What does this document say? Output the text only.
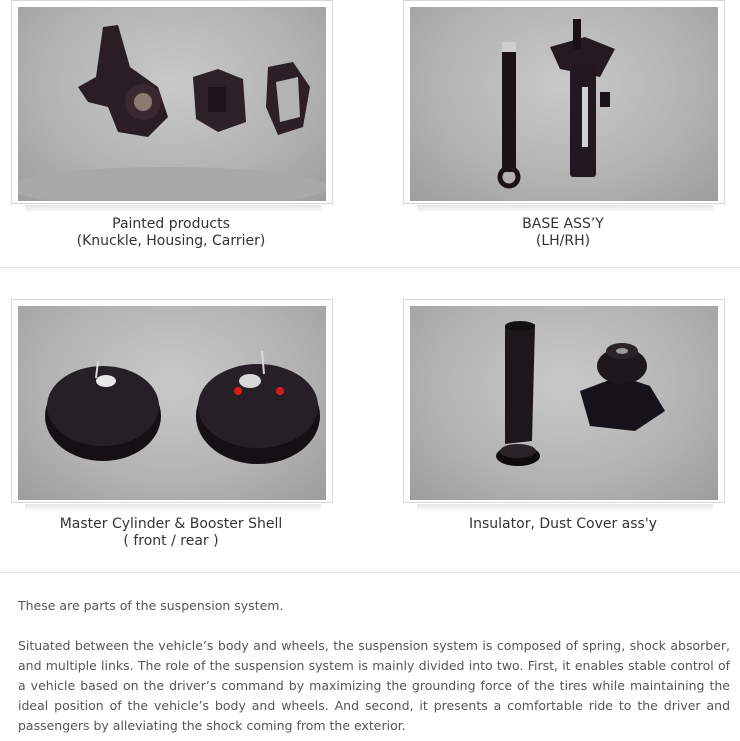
Painted products
(Knuckle, Housing, Carrier)
BASE ASS’Y
(LH/RH)
Master Cylinder & Booster Shell
( front / rear )
Insulator, Dust Cover ass'y

These are parts of the suspension system.

Situated between the vehicle’s body and wheels, the suspension system is composed of spring, shock absorber, and multiple links. The role of the suspension system is mainly divided into two. First, it enables stable control of a vehicle based on the driver’s command by maximizing the grounding force of the tires while maintaining the ideal position of the vehicle’s body and wheels. And second, it presents a comfortable ride to the driver and passengers by alleviating the shock coming from the exterior.
